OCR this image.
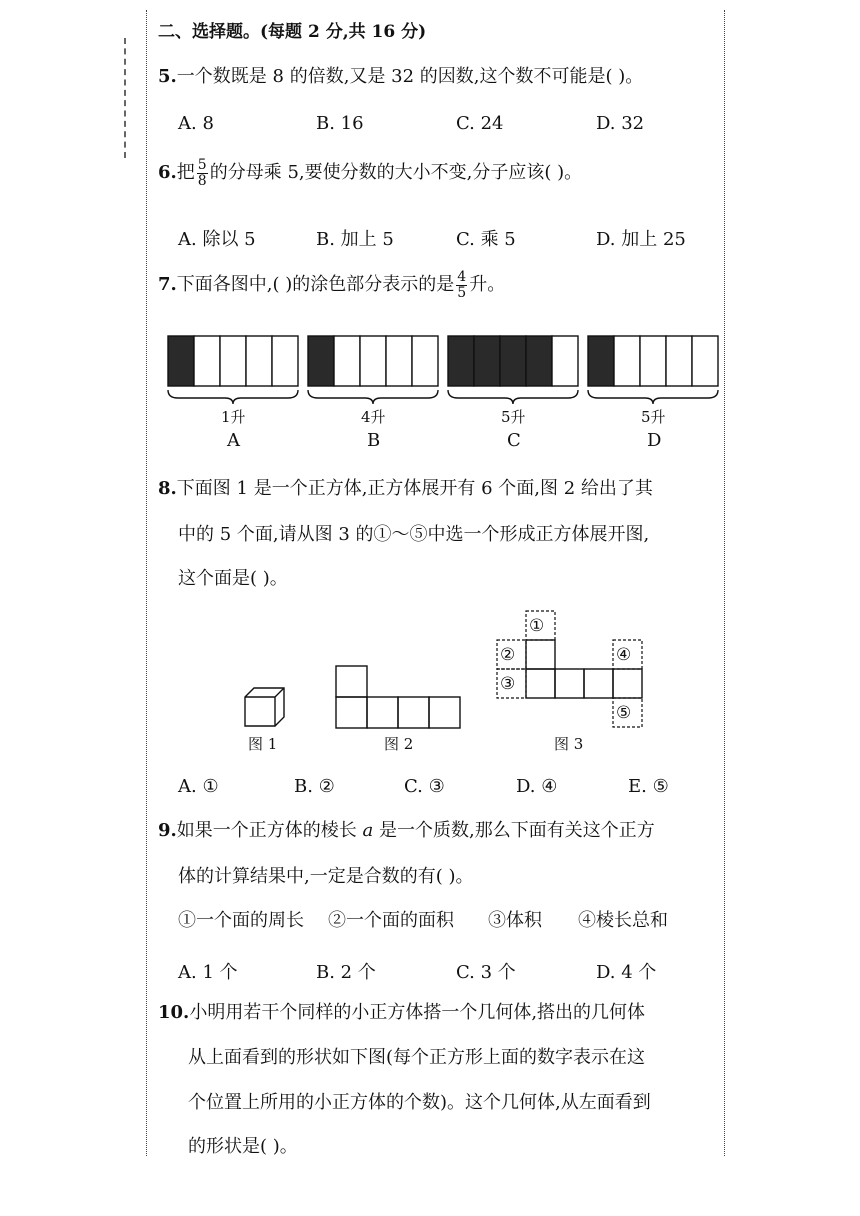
二、选择题。(每题 2 分,共 16 分)
5.一个数既是 8 的倍数,又是 32 的因数,这个数不可能是( )。
A. 8	B. 16	C. 24	D. 32
6.把 $\frac{5}{8}$ 的分母乘 5,要使分数的大小不变,分子应该( )。
A. 除以 5	B. 加上 5	C. 乘 5	D. 加上 25
7.下面各图中,( )的涂色部分表示的是 $\frac{4}{5}$ 升。
1升
A
4升
B
5升
C
5升
D
8.下面图 1 是一个正方体,正方体展开有 6 个面,图 2 给出了其
中的 5 个面,请从图 3 的①～⑤中选一个形成正方体展开图,
这个面是( )。
图 1	图 2
①
②
③
④
⑤
图 3
A. ①	B. ②	C. ③	D. ④	E. ⑤
9.如果一个正方体的棱长 a 是一个质数,那么下面有关这个正方
体的计算结果中,一定是合数的有( )。
①一个面的周长 ②一个面的面积 ③体积 ④棱长总和
A. 1 个	B. 2 个	C. 3 个	D. 4 个
10.小明用若干个同样的小正方体搭一个几何体,搭出的几何体
从上面看到的形状如下图(每个正方形上面的数字表示在这
个位置上所用的小正方体的个数)。这个几何体,从左面看到
的形状是( )。
